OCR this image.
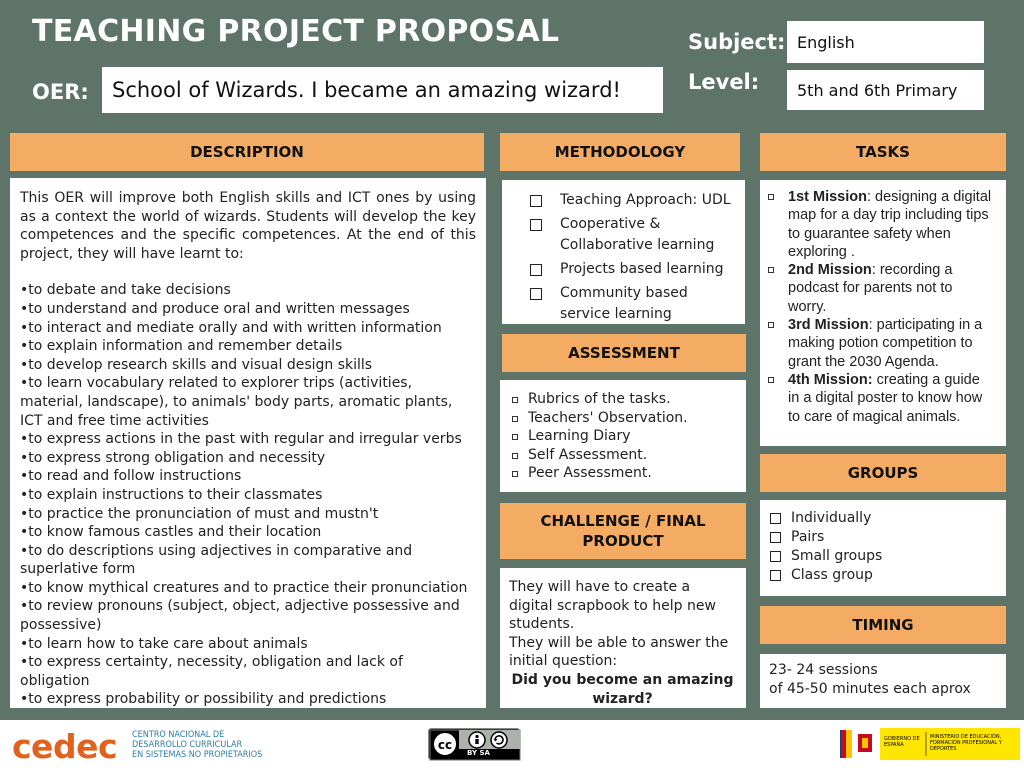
TEACHING PROJECT PROPOSAL
OER: School of Wizards. I became an amazing wizard!
Subject: English
Level: 5th and 6th Primary
DESCRIPTION

This OER will improve both English skills and ICT ones by using as a context the world of wizards. Students will develop the key competences and the specific competences. At the end of this project, they will have learnt to:

•to debate and take decisions

•to understand and produce oral and written messages

•to interact and mediate orally and with written information

•to explain information and remember details

•to develop research skills and visual design skills

•to learn vocabulary related to explorer trips (activities, material, landscape), to animals' body parts, aromatic plants, ICT and free time activities

•to express actions in the past with regular and irregular verbs

•to express strong obligation and necessity

•to read and follow instructions

•to explain instructions to their classmates

•to practice the pronunciation of must and mustn't

•to know famous castles and their location

•to do descriptions using adjectives in comparative and superlative form

•to know mythical creatures and to practice their pronunciation

•to review pronouns (subject, object, adjective possessive and possessive)

•to learn how to take care about animals

•to express certainty, necessity, obligation and lack of obligation

•to express probability or possibility and predictions

METHODOLOGY
Teaching Approach: UDL
Cooperative & Collaborative learning
Projects based learning
Community based service learning
ASSESSMENT
Rubrics of the tasks.
Teachers' Observation.
Learning Diary
Self Assessment.
Peer Assessment.
CHALLENGE / FINAL PRODUCT

They will have to create a digital scrapbook to help new students.

They will be able to answer the initial question:

Did you become an amazing wizard?

TASKS
1st Mission: designing a digital map for a day trip including tips to guarantee safety when exploring .
2nd Mission: recording a podcast for parents not to worry.
3rd Mission: participating in a making potion competition to grant the 2030 Agenda.
4th Mission: creating a guide in a digital poster to know how to care of magical animals.
GROUPS
Individually
Pairs
Small groups
Class group
TIMING

23- 24 sessions

of 45-50 minutes each aprox

cedec CENTRO NACIONAL DE
DESARROLLO CURRICULAR
EN SISTEMAS NO PROPIETARIOS
cc
BY SA
GOBIERNO DE ESPAÑA
MINISTERIO DE EDUCACIÓN, FORMACIÓN PROFESIONAL Y DEPORTES
